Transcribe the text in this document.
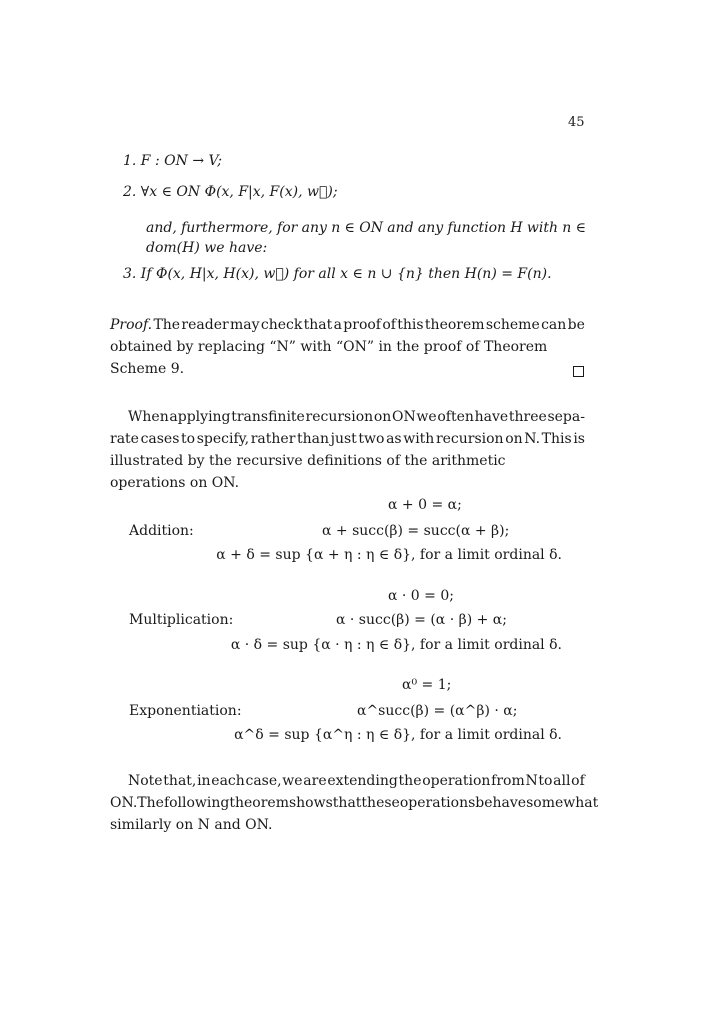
45
1. F : ON → V;
2. ∀x ∈ ON Φ(x, F|x, F(x), w⃗);
and, furthermore, for any n ∈ ON and any function H with n ∈
dom(H) we have:
3. If Φ(x, H|x, H(x), w⃗) for all x ∈ n ∪ {n} then H(n) = F(n).
Proof. The reader may check that a proof of this theorem scheme can be
obtained by replacing “N” with “ON” in the proof of Theorem Scheme 9.
When applying transfinite recursion on ON we often have three sepa-
rate cases to specify, rather than just two as with recursion on N. This is
illustrated by the recursive definitions of the arithmetic operations on ON.
α + 0 = α;
Addition:	α + succ(β) = succ(α + β);
α + δ = sup {α + η : η ∈ δ}, for a limit ordinal δ.
α · 0 = 0;
Multiplication:	α · succ(β) = (α · β) + α;
α · δ = sup {α · η : η ∈ δ}, for a limit ordinal δ.
α⁰ = 1;
Exponentiation:	α^succ(β) = (α^β) · α;
α^δ = sup {α^η : η ∈ δ}, for a limit ordinal δ.
Note that, in each case, we are extending the operation from N to all of
ON. The following theorem shows that these operations behave somewhat
similarly on N and ON.
